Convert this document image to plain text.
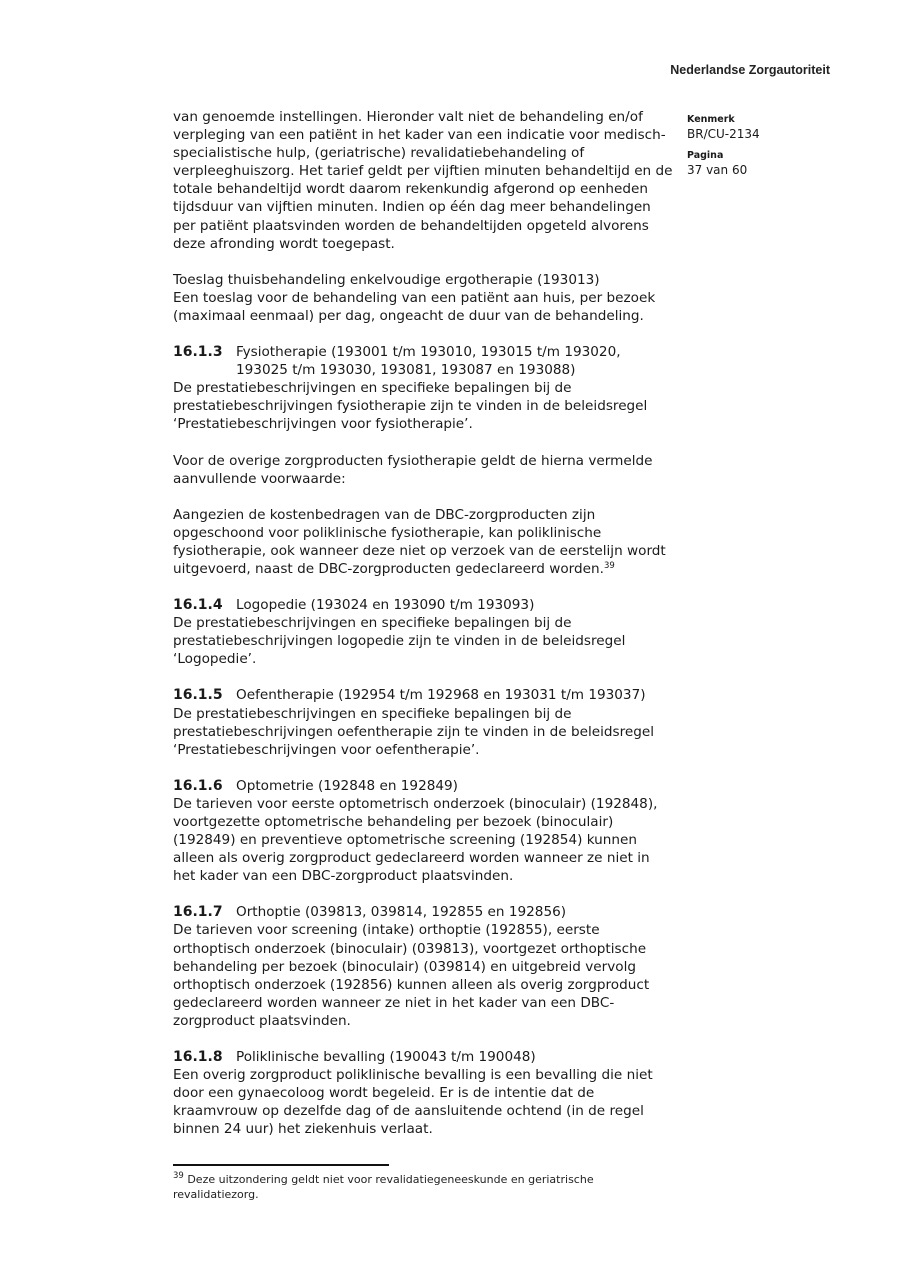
Nederlandse Zorgautoriteit
Kenmerk
BR/CU-2134
Pagina
37 van 60

van genoemde instellingen. Hieronder valt niet de behandeling en/of
verpleging van een patiënt in het kader van een indicatie voor medisch-
specialistische hulp, (geriatrische) revalidatiebehandeling of
verpleeghuiszorg. Het tarief geldt per vijftien minuten behandeltijd en de
totale behandeltijd wordt daarom rekenkundig afgerond op eenheden
tijdsduur van vijftien minuten. Indien op één dag meer behandelingen
per patiënt plaatsvinden worden de behandeltijden opgeteld alvorens
deze afronding wordt toegepast.

Toeslag thuisbehandeling enkelvoudige ergotherapie (193013)

Een toeslag voor de behandeling van een patiënt aan huis, per bezoek
(maximaal eenmaal) per dag, ongeacht de duur van de behandeling.

16.1.3 Fysiotherapie (193001 t/m 193010, 193015 t/m 193020,
193025 t/m 193030, 193081, 193087 en 193088)

De prestatiebeschrijvingen en specifieke bepalingen bij de
prestatiebeschrijvingen fysiotherapie zijn te vinden in de beleidsregel
‘Prestatiebeschrijvingen voor fysiotherapie’.

Voor de overige zorgproducten fysiotherapie geldt de hierna vermelde
aanvullende voorwaarde:

Aangezien de kostenbedragen van de DBC-zorgproducten zijn
opgeschoond voor poliklinische fysiotherapie, kan poliklinische
fysiotherapie, ook wanneer deze niet op verzoek van de eerstelijn wordt
uitgevoerd, naast de DBC-zorgproducten gedeclareerd worden.$^{39}$

16.1.4 Logopedie (193024 en 193090 t/m 193093)

De prestatiebeschrijvingen en specifieke bepalingen bij de
prestatiebeschrijvingen logopedie zijn te vinden in de beleidsregel
‘Logopedie’.

16.1.5 Oefentherapie (192954 t/m 192968 en 193031 t/m 193037)

De prestatiebeschrijvingen en specifieke bepalingen bij de
prestatiebeschrijvingen oefentherapie zijn te vinden in de beleidsregel
‘Prestatiebeschrijvingen voor oefentherapie’.

16.1.6 Optometrie (192848 en 192849)

De tarieven voor eerste optometrisch onderzoek (binoculair) (192848),
voortgezette optometrische behandeling per bezoek (binoculair)
(192849) en preventieve optometrische screening (192854) kunnen
alleen als overig zorgproduct gedeclareerd worden wanneer ze niet in
het kader van een DBC-zorgproduct plaatsvinden.

16.1.7 Orthoptie (039813, 039814, 192855 en 192856)

De tarieven voor screening (intake) orthoptie (192855), eerste
orthoptisch onderzoek (binoculair) (039813), voortgezet orthoptische
behandeling per bezoek (binoculair) (039814) en uitgebreid vervolg
orthoptisch onderzoek (192856) kunnen alleen als overig zorgproduct
gedeclareerd worden wanneer ze niet in het kader van een DBC-
zorgproduct plaatsvinden.

16.1.8 Poliklinische bevalling (190043 t/m 190048)

Een overig zorgproduct poliklinische bevalling is een bevalling die niet
door een gynaecoloog wordt begeleid. Er is de intentie dat de
kraamvrouw op dezelfde dag of de aansluitende ochtend (in de regel
binnen 24 uur) het ziekenhuis verlaat.

$^{39}$ Deze uitzondering geldt niet voor revalidatiegeneeskunde en geriatrische
revalidatiezorg.
